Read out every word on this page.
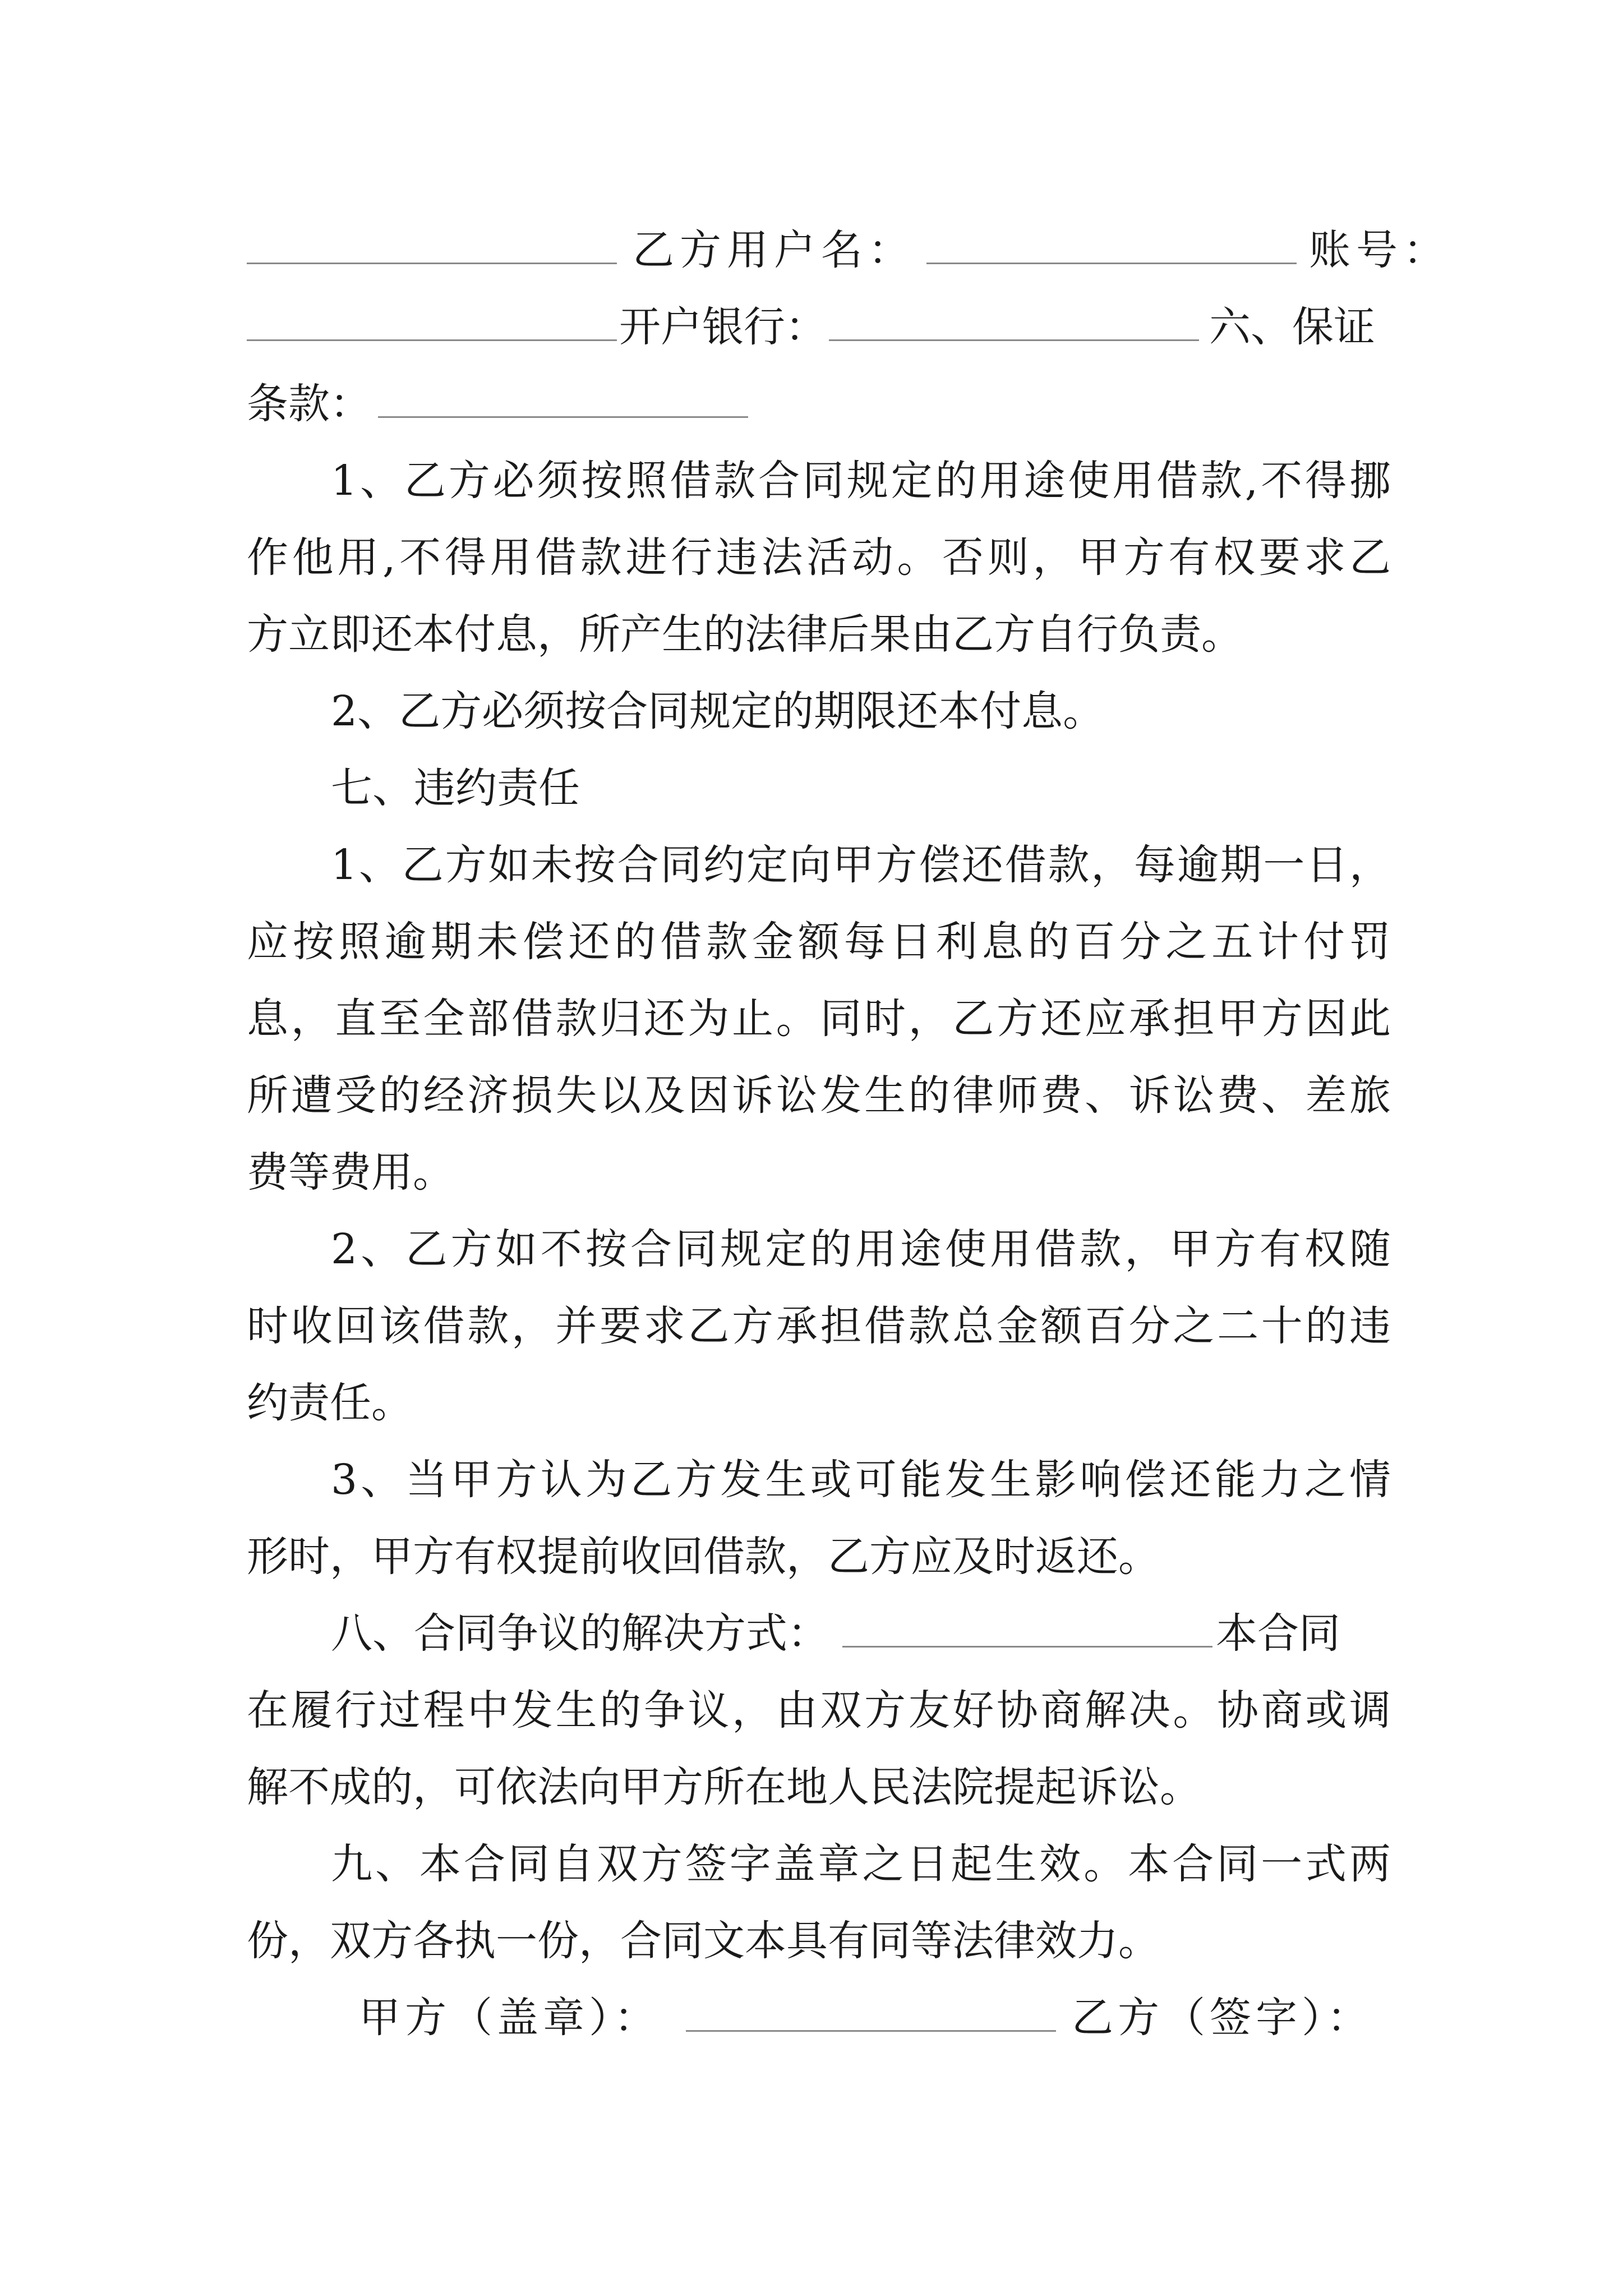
乙方用户名：	账号：
开户银行：	六、保证
条款：
1、乙方必须按照借款合同规定的用途使用借款,不得挪
作他用,不得用借款进行违法活动。否则，甲方有权要求乙
方立即还本付息，所产生的法律后果由乙方自行负责。
2、乙方必须按合同规定的期限还本付息。
七、违约责任
1、乙方如未按合同约定向甲方偿还借款，每逾期一日，
应按照逾期未偿还的借款金额每日利息的百分之五计付罚
息，直至全部借款归还为止。同时，乙方还应承担甲方因此
所遭受的经济损失以及因诉讼发生的律师费、诉讼费、差旅
费等费用。
2、乙方如不按合同规定的用途使用借款，甲方有权随
时收回该借款，并要求乙方承担借款总金额百分之二十的违
约责任。
3、当甲方认为乙方发生或可能发生影响偿还能力之情
形时，甲方有权提前收回借款，乙方应及时返还。
八、合同争议的解决方式：	本合同
在履行过程中发生的争议，由双方友好协商解决。协商或调
解不成的，可依法向甲方所在地人民法院提起诉讼。
九、本合同自双方签字盖章之日起生效。本合同一式两
份，双方各执一份，合同文本具有同等法律效力。
甲方（盖章）：	乙方（签字）：
